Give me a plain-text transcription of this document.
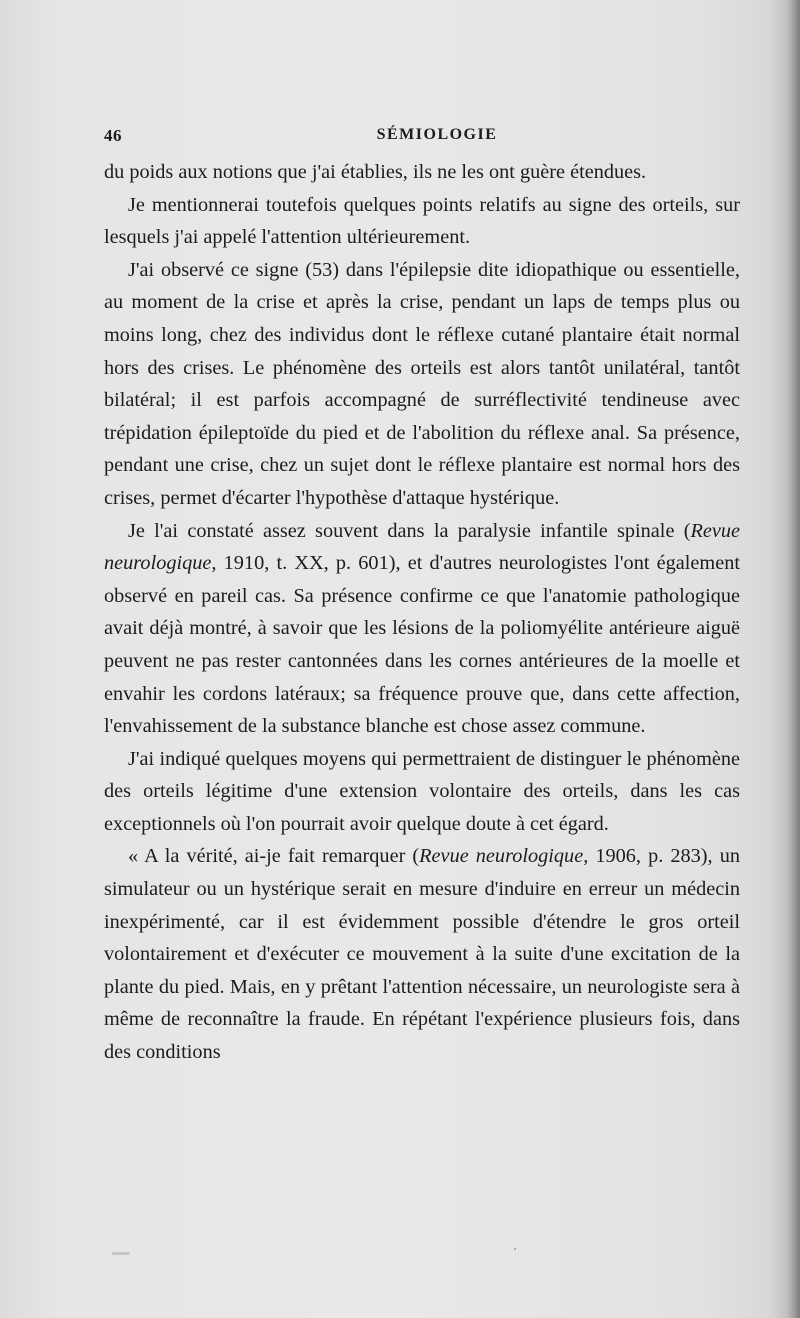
46	SÉMIOLOGIE

du poids aux notions que j'ai établies, ils ne les ont guère étendues.

Je mentionnerai toutefois quelques points relatifs au signe des orteils, sur lesquels j'ai appelé l'attention ultérieurement.

J'ai observé ce signe (53) dans l'épilepsie dite idiopathique ou essentielle, au moment de la crise et après la crise, pendant un laps de temps plus ou moins long, chez des individus dont le réflexe cutané plantaire était normal hors des crises. Le phénomène des orteils est alors tantôt unilatéral, tantôt bilatéral; il est parfois accompagné de surréflectivité tendineuse avec trépidation épileptoïde du pied et de l'abolition du réflexe anal. Sa présence, pendant une crise, chez un sujet dont le réflexe plantaire est normal hors des crises, permet d'écarter l'hypothèse d'attaque hystérique.

Je l'ai constaté assez souvent dans la paralysie infantile spinale (Revue neurologique, 1910, t. XX, p. 601), et d'autres neurologistes l'ont également observé en pareil cas. Sa présence confirme ce que l'anatomie pathologique avait déjà montré, à savoir que les lésions de la poliomyélite antérieure aiguë peuvent ne pas rester cantonnées dans les cornes antérieures de la moelle et envahir les cordons latéraux; sa fréquence prouve que, dans cette affection, l'envahissement de la substance blanche est chose assez commune.

J'ai indiqué quelques moyens qui permettraient de distinguer le phénomène des orteils légitime d'une extension volontaire des orteils, dans les cas exceptionnels où l'on pourrait avoir quelque doute à cet égard.

« A la vérité, ai-je fait remarquer (Revue neurologique, 1906, p. 283), un simulateur ou un hystérique serait en mesure d'induire en erreur un médecin inexpérimenté, car il est évidemment possible d'étendre le gros orteil volontairement et d'exécuter ce mouvement à la suite d'une excitation de la plante du pied. Mais, en y prêtant l'attention nécessaire, un neurologiste sera à même de reconnaître la fraude. En répétant l'expérience plusieurs fois, dans des conditions
